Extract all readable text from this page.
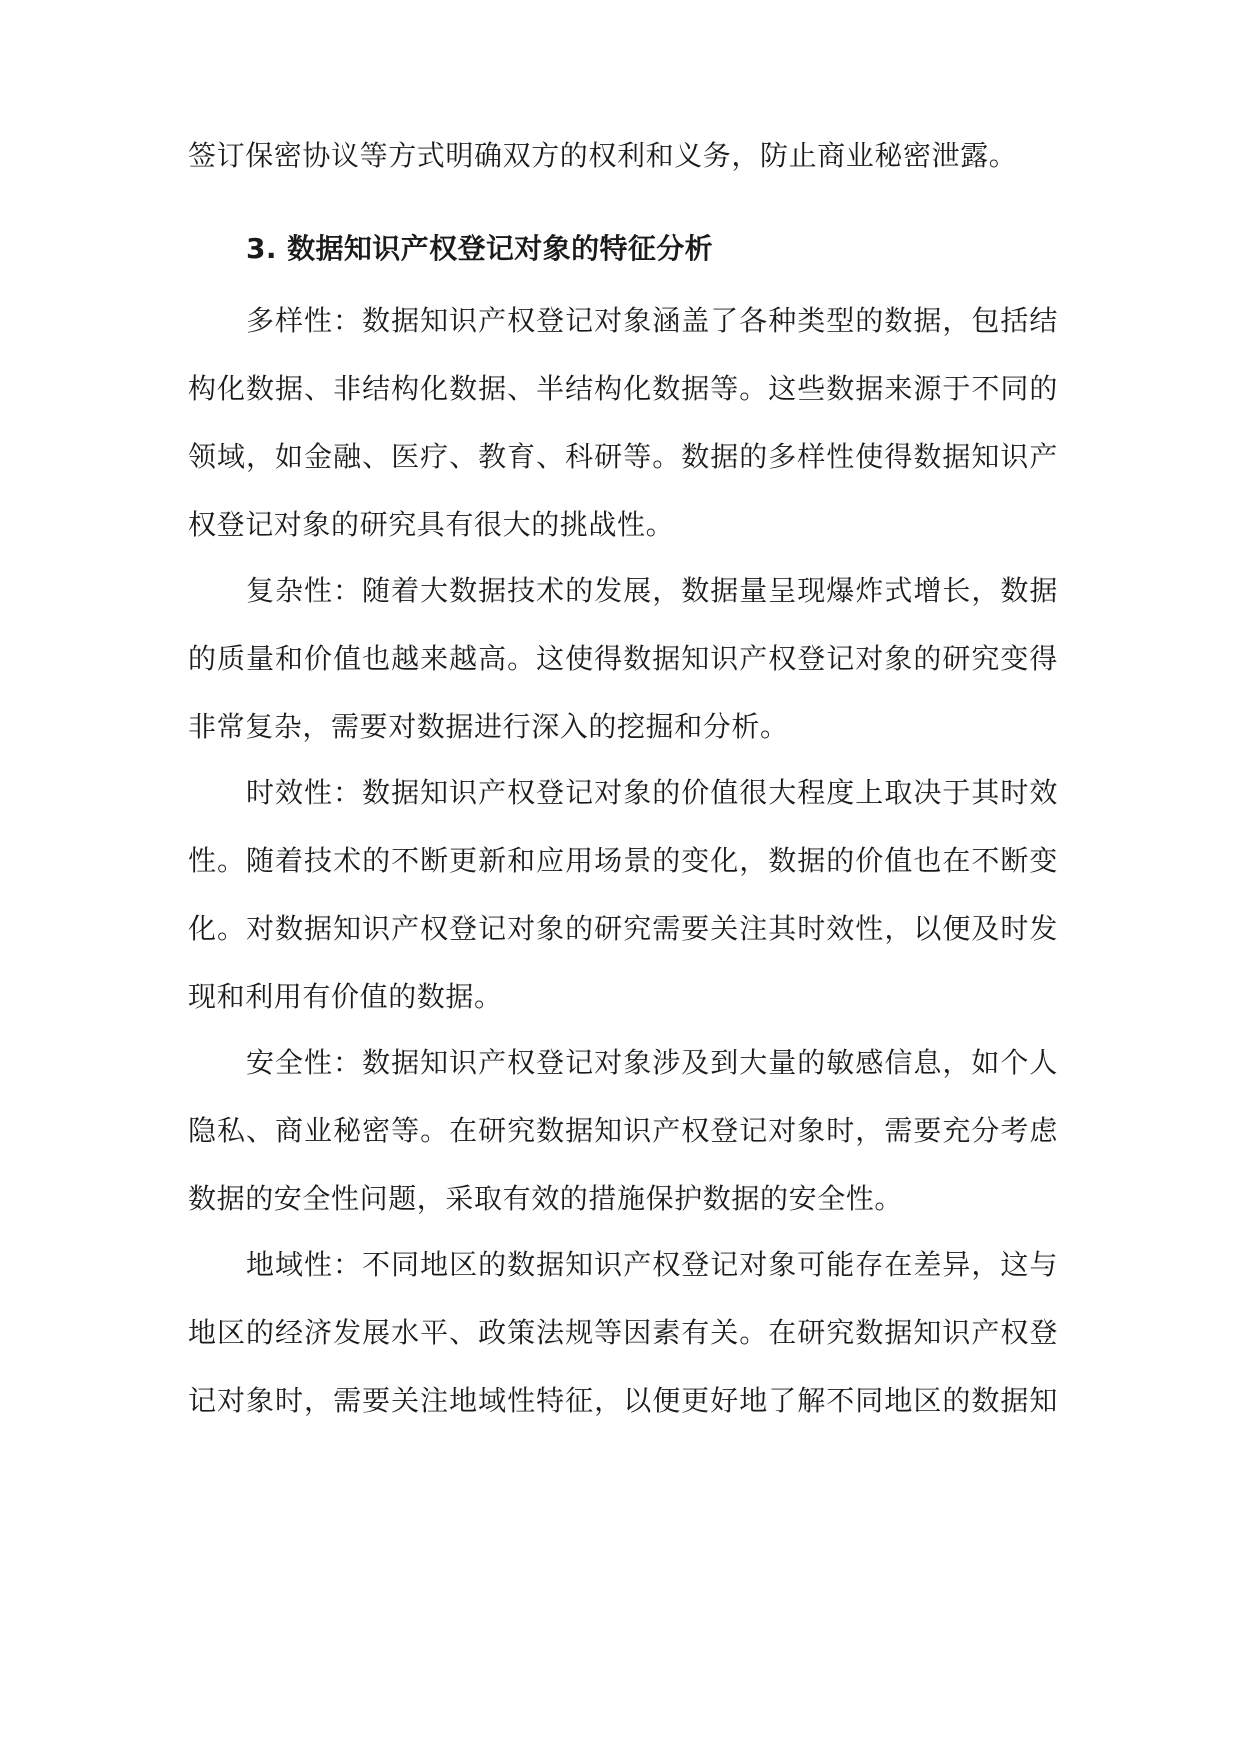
签订保密协议等方式明确双方的权利和义务，防止商业秘密泄露。
3. 数据知识产权登记对象的特征分析
多样性：数据知识产权登记对象涵盖了各种类型的数据，包括结
构化数据、非结构化数据、半结构化数据等。这些数据来源于不同的
领域，如金融、医疗、教育、科研等。数据的多样性使得数据知识产
权登记对象的研究具有很大的挑战性。
复杂性：随着大数据技术的发展，数据量呈现爆炸式增长，数据
的质量和价值也越来越高。这使得数据知识产权登记对象的研究变得
非常复杂，需要对数据进行深入的挖掘和分析。
时效性：数据知识产权登记对象的价值很大程度上取决于其时效
性。随着技术的不断更新和应用场景的变化，数据的价值也在不断变
化。对数据知识产权登记对象的研究需要关注其时效性，以便及时发
现和利用有价值的数据。
安全性：数据知识产权登记对象涉及到大量的敏感信息，如个人
隐私、商业秘密等。在研究数据知识产权登记对象时，需要充分考虑
数据的安全性问题，采取有效的措施保护数据的安全性。
地域性：不同地区的数据知识产权登记对象可能存在差异，这与
地区的经济发展水平、政策法规等因素有关。在研究数据知识产权登
记对象时，需要关注地域性特征，以便更好地了解不同地区的数据知
